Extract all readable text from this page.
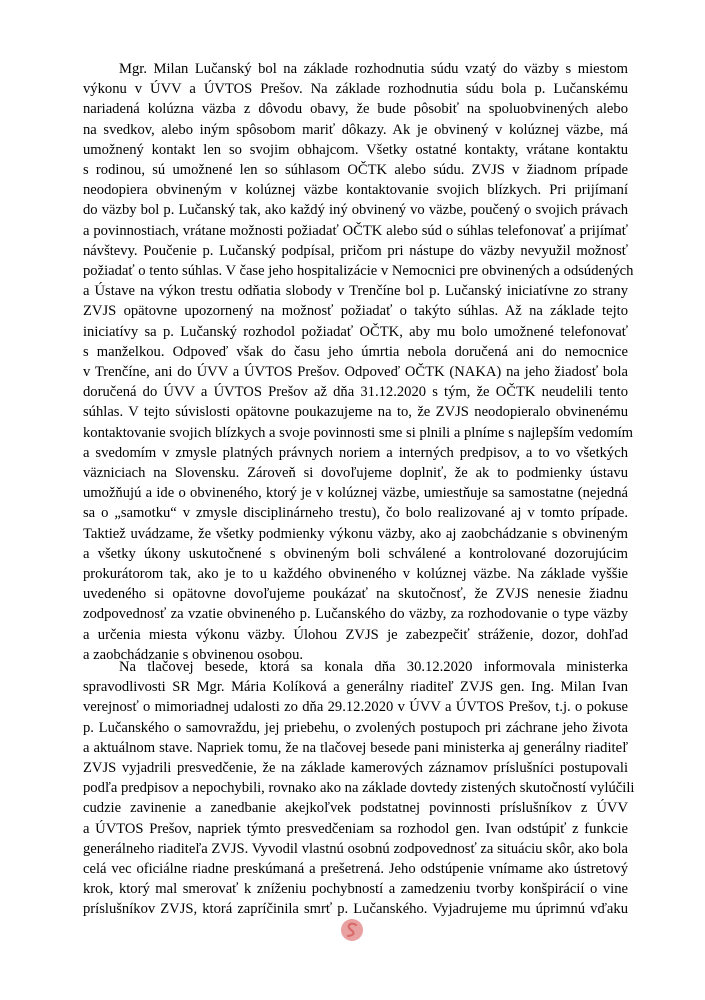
Mgr. Milan Lučanský bol na základe rozhodnutia súdu vzatý do väzby s miestom
výkonu v ÚVV a ÚVTOS Prešov. Na základe rozhodnutia súdu bola p. Lučanskému
nariadená kolúzna väzba z dôvodu obavy, že bude pôsobiť na spoluobvinených alebo
na svedkov, alebo iným spôsobom mariť dôkazy. Ak je obvinený v kolúznej väzbe, má
umožnený kontakt len so svojim obhajcom. Všetky ostatné kontakty, vrátane kontaktu
s rodinou, sú umožnené len so súhlasom OČTK alebo súdu. ZVJS v žiadnom prípade
neodopiera obvineným v kolúznej väzbe kontaktovanie svojich blízkych. Pri prijímaní
do väzby bol p. Lučanský tak, ako každý iný obvinený vo väzbe, poučený o svojich právach
a povinnostiach, vrátane možnosti požiadať OČTK alebo súd o súhlas telefonovať a prijímať
návštevy. Poučenie p. Lučanský podpísal, pričom pri nástupe do väzby nevyužil možnosť
požiadať o tento súhlas. V čase jeho hospitalizácie v Nemocnici pre obvinených a odsúdených
a Ústave na výkon trestu odňatia slobody v Trenčíne bol p. Lučanský iniciatívne zo strany
ZVJS opätovne upozornený na možnosť požiadať o takýto súhlas. Až na základe tejto
iniciatívy sa p. Lučanský rozhodol požiadať OČTK, aby mu bolo umožnené telefonovať
s manželkou. Odpoveď však do času jeho úmrtia nebola doručená ani do nemocnice
v Trenčíne, ani do ÚVV a ÚVTOS Prešov. Odpoveď OČTK (NAKA) na jeho žiadosť bola
doručená do ÚVV a ÚVTOS Prešov až dňa 31.12.2020 s tým, že OČTK neudelili tento
súhlas. V tejto súvislosti opätovne poukazujeme na to, že ZVJS neodopieralo obvinenému
kontaktovanie svojich blízkych a svoje povinnosti sme si plnili a plníme s najlepším vedomím
a svedomím v zmysle platných právnych noriem a interných predpisov, a to vo všetkých
väzniciach na Slovensku. Zároveň si dovoľujeme doplniť, že ak to podmienky ústavu
umožňujú a ide o obvineného, ktorý je v kolúznej väzbe, umiestňuje sa samostatne (nejedná
sa o „samotku“ v zmysle disciplinárneho trestu), čo bolo realizované aj v tomto prípade.
Taktiež uvádzame, že všetky podmienky výkonu väzby, ako aj zaobchádzanie s obvineným
a všetky úkony uskutočnené s obvineným boli schválené a kontrolované dozorujúcim
prokurátorom tak, ako je to u každého obvineného v kolúznej väzbe. Na základe vyššie
uvedeného si opätovne dovoľujeme poukázať na skutočnosť, že ZVJS nenesie žiadnu
zodpovednosť za vzatie obvineného p. Lučanského do väzby, za rozhodovanie o type väzby
a určenia miesta výkonu väzby. Úlohou ZVJS je zabezpečiť stráženie, dozor, dohľad
a zaobchádzanie s obvinenou osobou.
Na tlačovej besede, ktorá sa konala dňa 30.12.2020 informovala ministerka
spravodlivosti SR Mgr. Mária Kolíková a generálny riaditeľ ZVJS gen. Ing. Milan Ivan
verejnosť o mimoriadnej udalosti zo dňa 29.12.2020 v ÚVV a ÚVTOS Prešov, t.j. o pokuse
p. Lučanského o samovraždu, jej priebehu, o zvolených postupoch pri záchrane jeho života
a aktuálnom stave. Napriek tomu, že na tlačovej besede pani ministerka aj generálny riaditeľ
ZVJS vyjadrili presvedčenie, že na základe kamerových záznamov príslušníci postupovali
podľa predpisov a nepochybili, rovnako ako na základe dovtedy zistených skutočností vylúčili
cudzie zavinenie a zanedbanie akejkoľvek podstatnej povinnosti príslušníkov z ÚVV
a ÚVTOS Prešov, napriek týmto presvedčeniam sa rozhodol gen. Ivan odstúpiť z funkcie
generálneho riaditeľa ZVJS. Vyvodil vlastnú osobnú zodpovednosť za situáciu skôr, ako bola
celá vec oficiálne riadne preskúmaná a prešetrená. Jeho odstúpenie vnímame ako ústretový
krok, ktorý mal smerovať k zníženiu pochybností a zamedzeniu tvorby konšpirácií o vine
príslušníkov ZVJS, ktorá zapríčinila smrť p. Lučanského. Vyjadrujeme mu úprimnú vďaku
